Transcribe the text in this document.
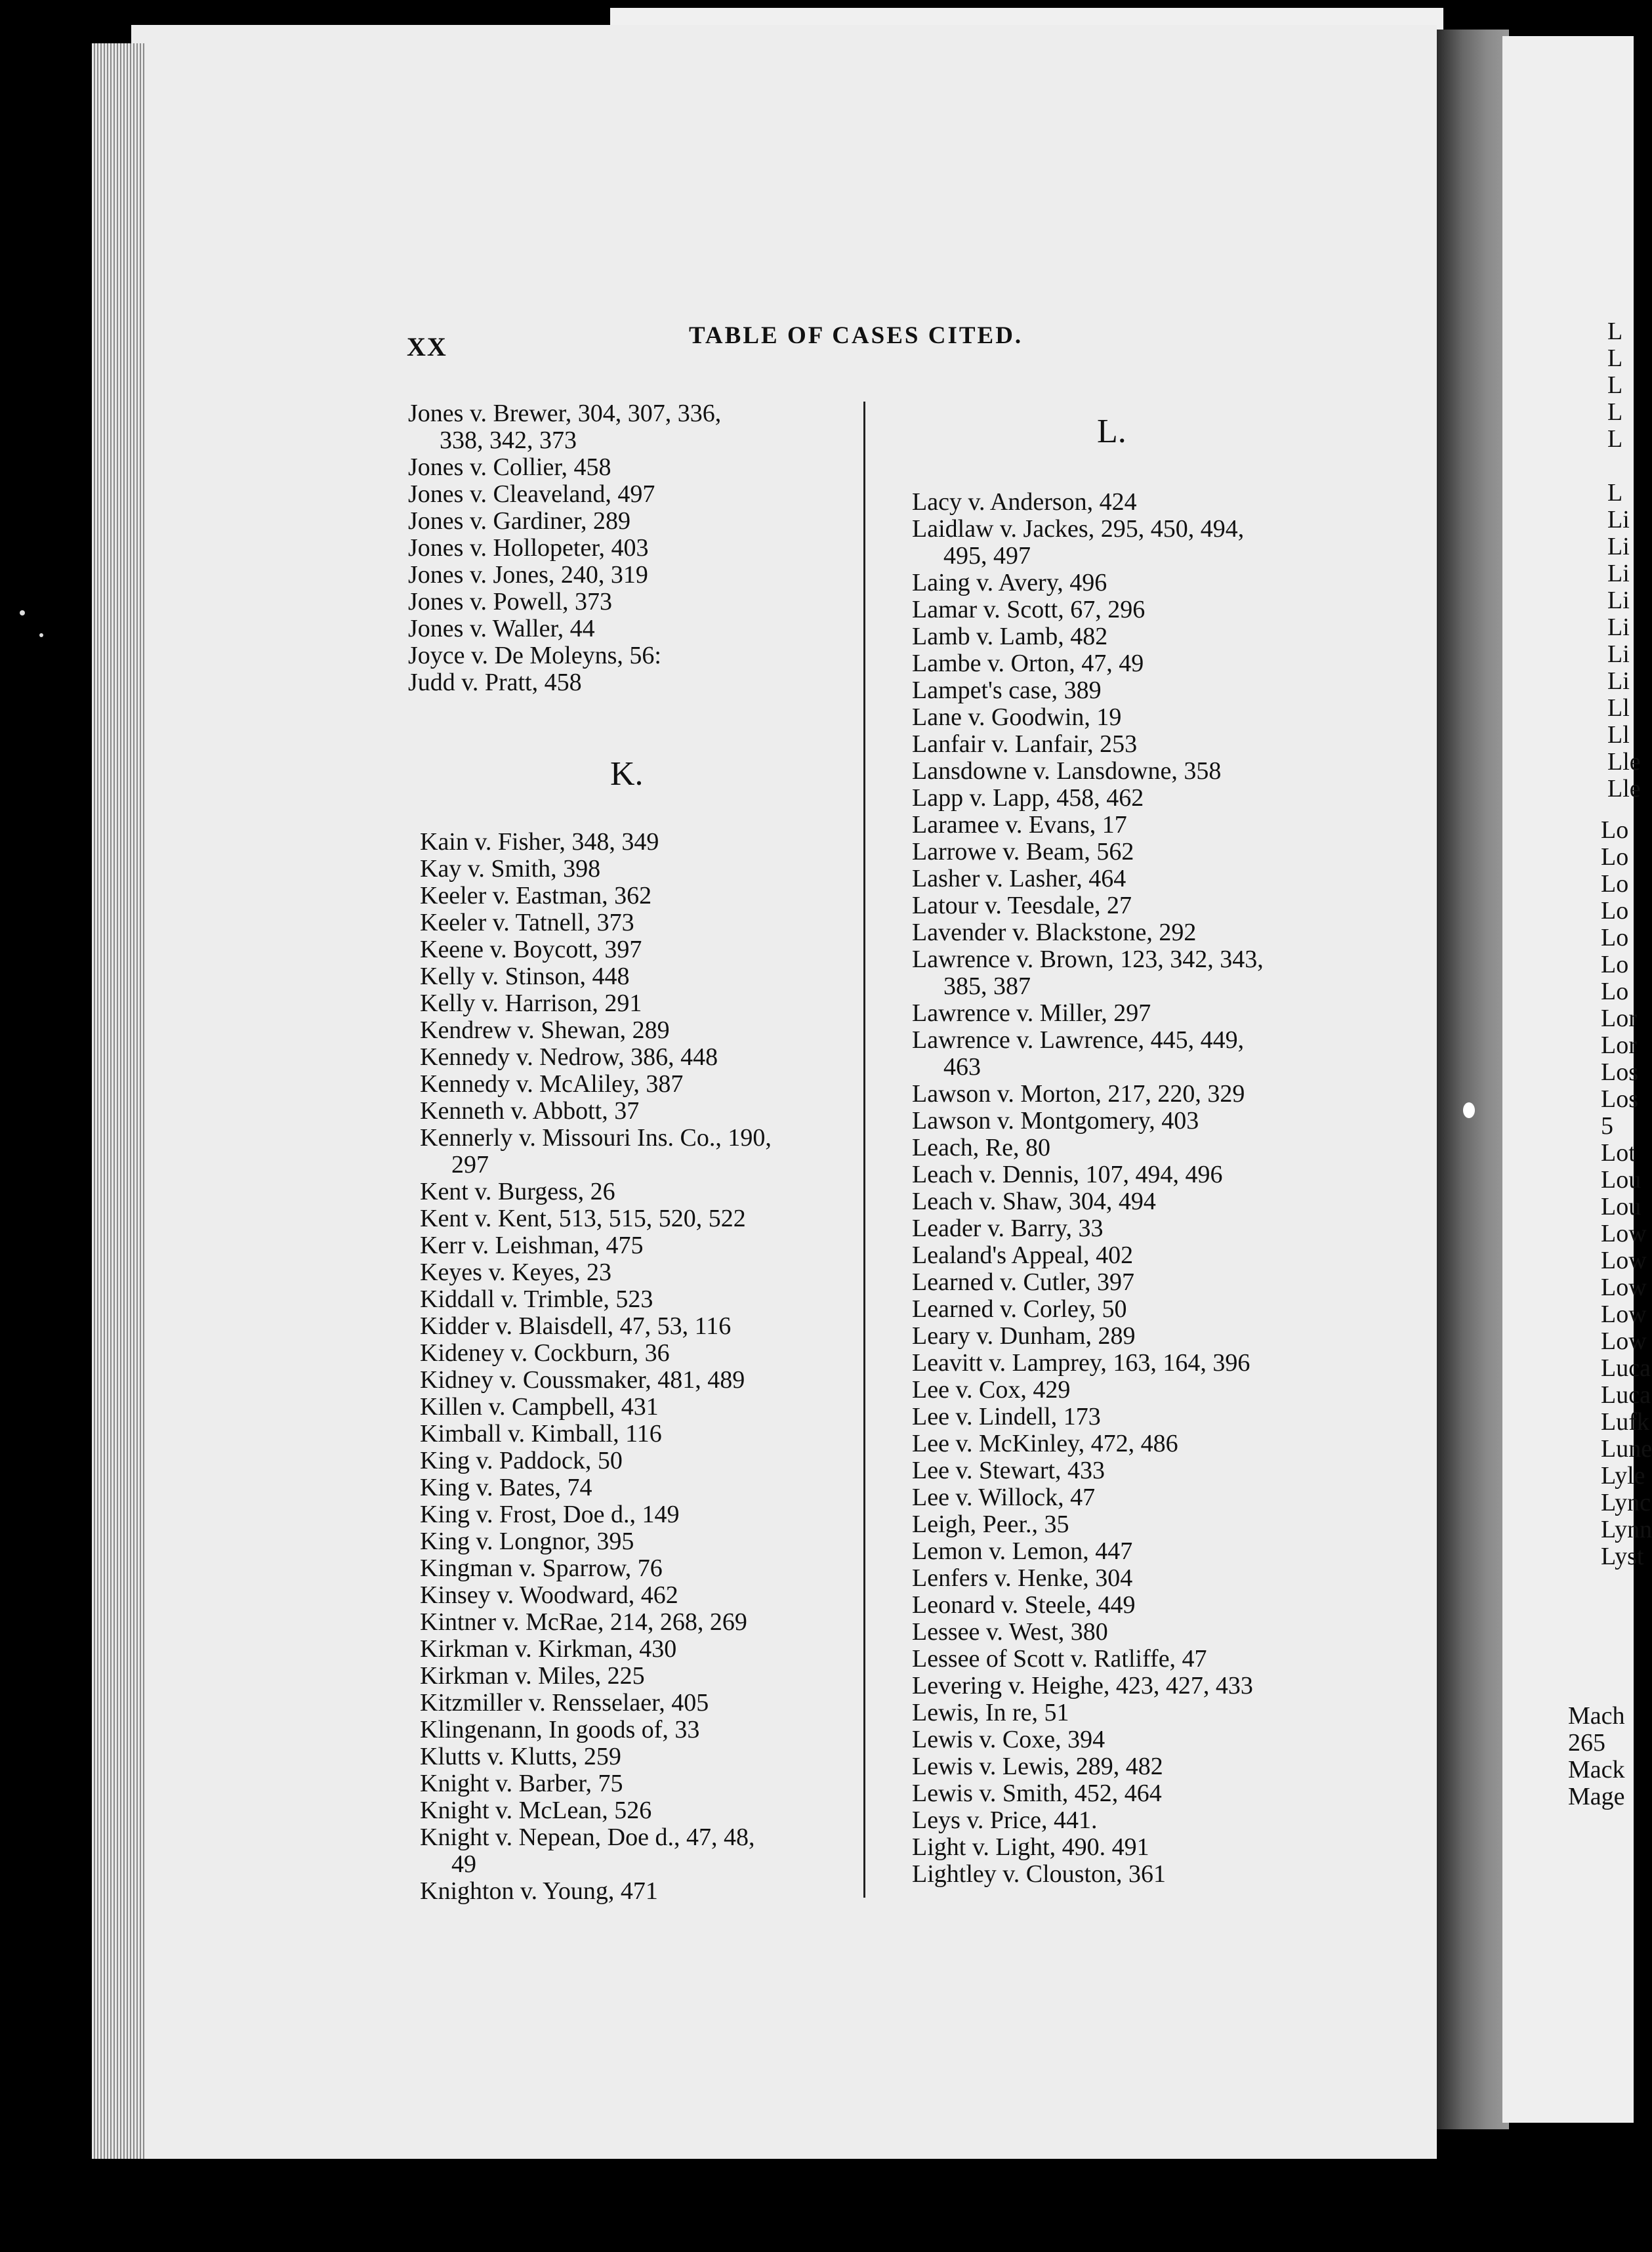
L
L
L
L
L
L
Li
Li
Li
Li
Li
Li
Li
Ll
Ll
Lle
Lle
Lo
Lo
Lo
Lo
Lo
Lo
Lo
Lor
Lor
Los
Los
5
Lot
Lou
Lou
Low
Low
Low
Low
Low
Luca
Luca
Lufk
Lune
Lyle
Lync
Lynn
Lyst
Mach
265
Mack
Mage
XX	TABLE OF CASES CITED.
Jones v. Brewer, 3⁠04, 307, 336,
338, 342, 373
Jones v. Collier, 458
Jones v. Cleaveland, 497
Jones v. Gardiner, 289
Jones v. Hollopeter, 403
Jones v. Jones, 240, 319
Jones v. Powell, 373
Jones v. Waller, 44
Joyce v. De Moleyns, 56:
Judd v. Pratt, 458
K.
Kain v. Fisher, 348, 349
Kay v. Smith, 398
Keeler v. Eastman, 362
Keeler v. Tatnell, 373
Keene v. Boycott, 397
Kelly v. Stinson, 448
Kelly v. Harrison, 291
Kendrew v. Shewan, 289
Kennedy v. Nedrow, 386, 448
Kennedy v. McAliley, 387
Kenneth v. Abbott, 37
Kennerly v. Missouri Ins. Co., 190,
297
Kent v. Burgess, 26
Kent v. Kent, 513, 515, 520, 522
Kerr v. Leishman, 475
Keyes v. Keyes, 23
Kiddall v. Trimble, 523
Kidder v. Blaisdell, 47, 53, 116
Kideney v. Cockburn, 36
Kidney v. Coussmaker, 481, 489
Killen v. Campbell, 431
Kimball v. Kimball, 116
King v. Paddock, 50
King v. Bates, 74
King v. Frost, Doe d., 149
King v. Longnor, 395
Kingman v. Sparrow, 76
Kinsey v. Woodward, 462
Kintner v. McRae, 214, 268, 269
Kirkman v. Kirkman, 430
Kirkman v. Miles, 225
Kitzmiller v. Rensselaer, 405
Klingenann, In goods of, 33
Klutts v. Klutts, 259
Knight v. Barber, 75
Knight v. McLean, 526
Knight v. Nepean, Doe d., 47, 48,
49
Knighton v. Young, 471
L.
Lacy v. Anderson, 424
Laidlaw v. Jackes, 295, 450, 494,
495, 497
Laing v. Avery, 496
Lamar v. Scott, 67, 296
Lamb v. Lamb, 482
Lambe v. Orton, 47, 49
Lampet's case, 389
Lane v. Goodwin, 19
Lanfair v. Lanfair, 253
Lansdowne v. Lansdowne, 358
Lapp v. Lapp, 458, 462
Laramee v. Evans, 17
Larrowe v. Beam, 562
Lasher v. Lasher, 464
Latour v. Teesdale, 27
Lavender v. Blackstone, 292
Lawrence v. Brown, 123, 342, 343,
385, 387
Lawrence v. Miller, 297
Lawrence v. Lawrence, 445, 449,
463
Lawson v. Morton, 217, 220, 329
Lawson v. Montgomery, 403
Leach, Re, 80
Leach v. Dennis, 107, 494, 496
Leach v. Shaw, 304, 494
Leader v. Barry, 33
Lealand's Appeal, 402
Learned v. Cutler, 397
Learned v. Corley, 50
Leary v. Dunham, 289
Leavitt v. Lamprey, 163, 164, 396
Lee v. Cox, 429
Lee v. Lindell, 173
Lee v. McKinley, 472, 486
Lee v. Stewart, 433
Lee v. Willock, 47
Leigh, Peer., 35
Lemon v. Lemon, 447
Lenfers v. Henke, 304
Leonard v. Steele, 449
Lessee v. West, 380
Lessee of Scott v. Ratliffe, 47
Levering v. Heighe, 423, 427, 433
Lewis, In re, 51
Lewis v. Coxe, 394
Lewis v. Lewis, 289, 482
Lewis v. Smith, 452, 464
Leys v. Price, 441.
Light v. Light, 490. 491
Lightley v. Clouston, 361
